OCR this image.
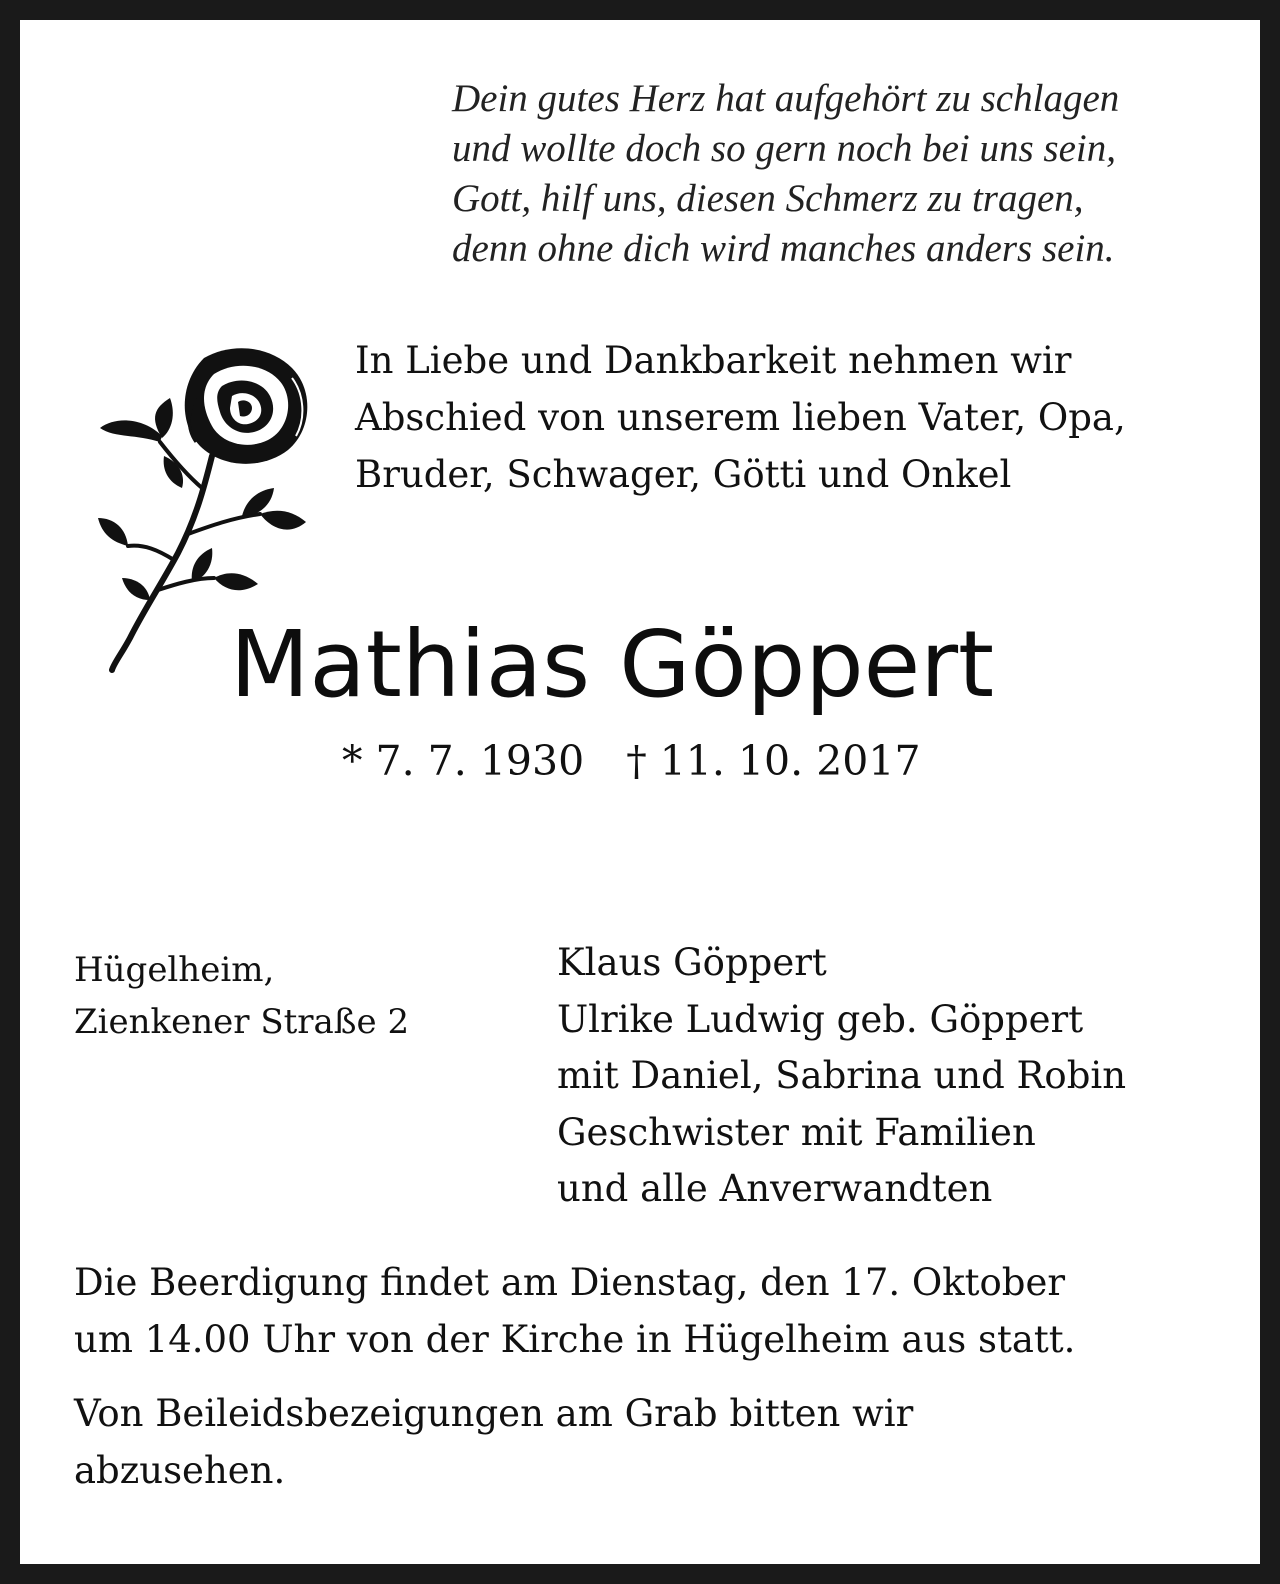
Dein gutes Herz hat aufgehört zu schlagen
und wollte doch so gern noch bei uns sein,
Gott, hilf uns, diesen Schmerz zu tragen,
denn ohne dich wird manches anders sein.
In Liebe und Dankbarkeit nehmen wir
Abschied von unserem lieben Vater, Opa,
Bruder, Schwager, Götti und Onkel
Mathias Göppert
* 7. 7. 1930 † 11. 10. 2017
Hügelheim,
Zienkener Straße 2
Klaus Göppert
Ulrike Ludwig geb. Göppert
mit Daniel, Sabrina und Robin
Geschwister mit Familien
und alle Anverwandten
Die Beerdigung findet am Dienstag, den 17. Oktober
um 14.00 Uhr von der Kirche in Hügelheim aus statt.
Von Beileidsbezeigungen am Grab bitten wir
abzusehen.
